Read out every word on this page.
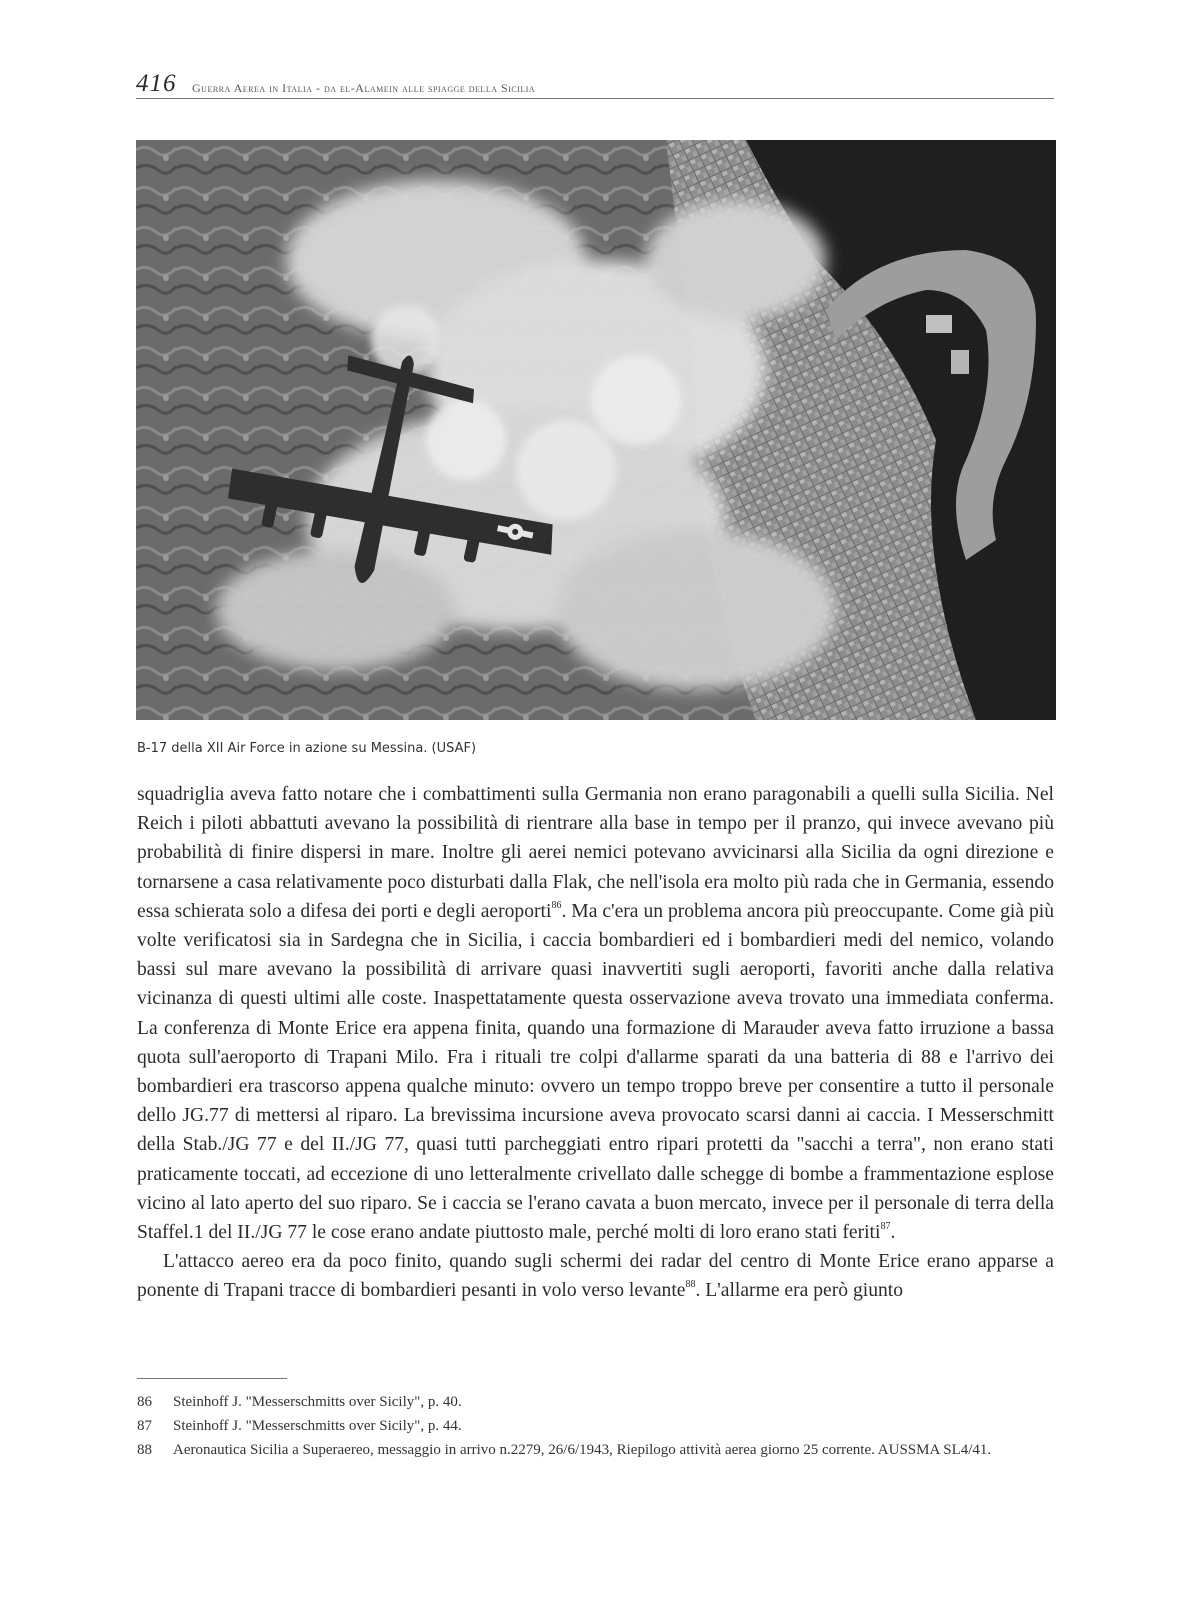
416 Guerra Aerea in Italia - da el-Alamein alle spiagge della Sicilia
B-17 della XII Air Force in azione su Messina. (USAF)

squadriglia aveva fatto notare che i combattimenti sulla Germania non erano paragonabili a quelli sulla Sicilia. Nel Reich i piloti abbattuti avevano la possibilità di rientrare alla base in tempo per il pranzo, qui invece avevano più probabilità di finire dispersi in mare. Inoltre gli aerei nemici potevano avvicinarsi alla Sicilia da ogni direzione e tornarsene a casa relativamente poco disturbati dalla Flak, che nell'isola era molto più rada che in Germania, essendo essa schierata solo a difesa dei porti e degli aeroporti$^{86}$. Ma c'era un problema ancora più preoccupante. Come già più volte verificatosi sia in Sardegna che in Sicilia, i caccia bombardieri ed i bombardieri medi del nemico, volando bassi sul mare avevano la possibilità di arrivare quasi inavvertiti sugli aeroporti, favoriti anche dalla relativa vicinanza di questi ultimi alle coste. Inaspettatamente questa osservazione aveva trovato una immediata conferma. La conferenza di Monte Erice era appena finita, quando una formazione di Marauder aveva fatto irruzione a bassa quota sull'aeroporto di Trapani Milo. Fra i rituali tre colpi d'allarme sparati da una batteria di 88 e l'arrivo dei bombardieri era trascorso appena qualche minuto: ovvero un tempo troppo breve per consentire a tutto il personale dello JG.77 di mettersi al riparo. La brevissima incursione aveva provocato scarsi danni ai caccia. I Messerschmitt della Stab./JG 77 e del II./JG 77, quasi tutti parcheggiati entro ripari protetti da "sacchi a terra", non erano stati praticamente toccati, ad eccezione di uno letteralmente crivellato dalle schegge di bombe a frammentazione esplose vicino al lato aperto del suo riparo. Se i caccia se l'erano cavata a buon mercato, invece per il personale di terra della Staffel.1 del II./JG 77 le cose erano andate piuttosto male, perché molti di loro erano stati feriti$^{87}$.

L'attacco aereo era da poco finito, quando sugli schermi dei radar del centro di Monte Erice erano apparse a ponente di Trapani tracce di bombardieri pesanti in volo verso levante$^{88}$. L'allarme era però giunto

86	Steinhoff J. "Messerschmitts over Sicily", p. 40.
87	Steinhoff J. "Messerschmitts over Sicily", p. 44.
88	Aeronautica Sicilia a Superaereo, messaggio in arrivo n.2279, 26/6/1943, Riepilogo attività aerea giorno 25 corrente. AUSSMA SL4/41.
